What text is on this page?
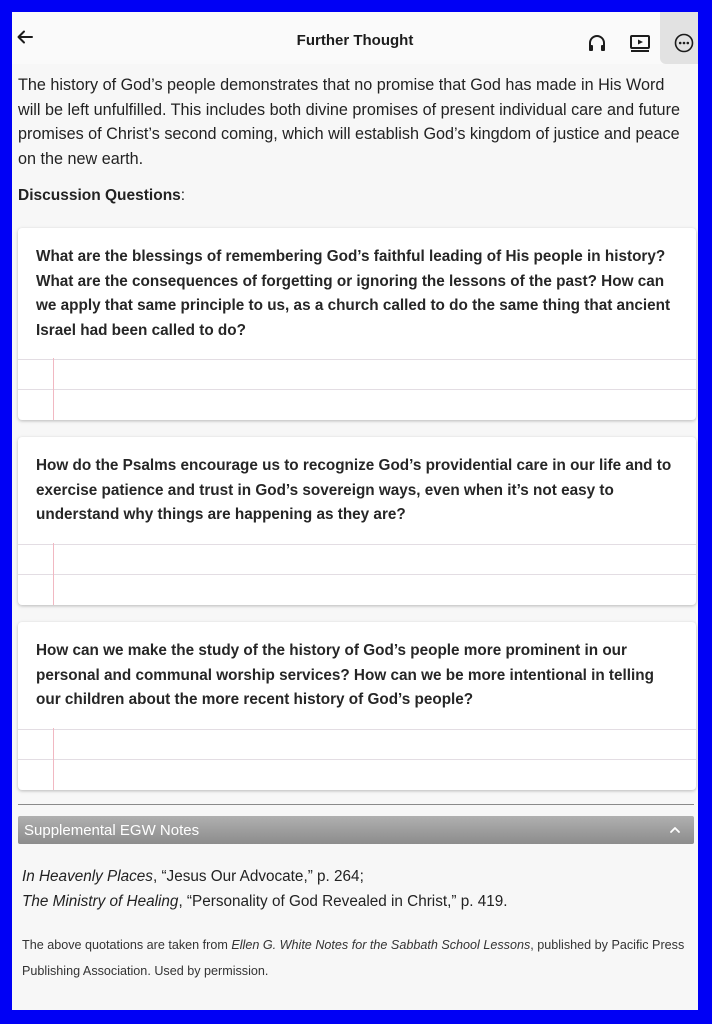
Further Thought

The history of God’s people demonstrates that no promise that God has made in His Word will be left unfulfilled. This includes both divine promises of present individual care and future promises of Christ’s second coming, which will establish God’s kingdom of justice and peace on the new earth.

Discussion Questions:

What are the blessings of remembering God’s faithful leading of His people in history? What are the consequences of forgetting or ignoring the lessons of the past? How can we apply that same principle to us, as a church called to do the same thing that ancient Israel had been called to do?

How do the Psalms encourage us to recognize God’s providential care in our life and to exercise patience and trust in God’s sovereign ways, even when it’s not easy to understand why things are happening as they are?

How can we make the study of the history of God’s people more prominent in our personal and communal worship services? How can we be more intentional in telling our children about the more recent history of God’s people?

Supplemental EGW Notes
In Heavenly Places, “Jesus Our Advocate,” p. 264;
The Ministry of Healing, “Personality of God Revealed in Christ,” p. 419.

The above quotations are taken from Ellen G. White Notes for the Sabbath School Lessons, published by Pacific Press Publishing Association. Used by permission.
